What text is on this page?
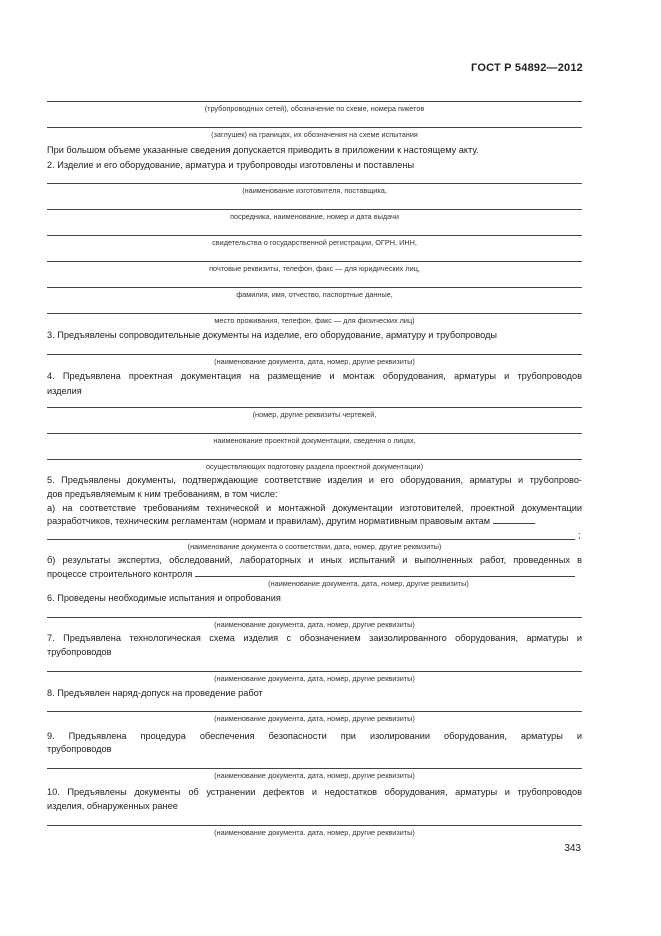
ГОСТ Р 54892—2012
(трубопроводных сетей), обозначение по схеме, номера пикетов
(заглушек) на границах, их обозначения на схеме испытания
При большом объеме указанные сведения допускается приводить в приложении к настоящему акту.
2. Изделие и его оборудование, арматура и трубопроводы изготовлены и поставлены
(наименование изготовителя, поставщика,
посредника, наименование, номер и дата выдачи
свидетельства о государственной регистрации, ОГРН, ИНН,
почтовые реквизиты, телефон, факс — для юридических лиц,
фамилия, имя, отчество, паспортные данные,
место проживания, телефон, факс — для физических лиц)
3. Предъявлены сопроводительные документы на изделие, его оборудование, арматуру и трубопроводы
(наименование документа, дата, номер, другие реквизиты)
4. Предъявлена проектная документация на размещение и монтаж оборудования, арматуры и трубопроводов
изделия
(номер, другие реквизиты чертежей,
наименование проектной документации, сведения о лицах,
осуществляющих подготовку раздела проектной документации)
5. Предъявлены документы, подтверждающие соответствие изделия и его оборудования, арматуры и трубопрово-
дов предъявляемым к ним требованиям, в том числе:
а) на соответствие требованиям технической и монтажной документации изготовителей, проектной документации
разработчиков, техническим регламентам (нормам и правилам), другим нормативным правовым актам
;
(наименование документа о соответствии, дата, номер, другие реквизиты)
б) результаты экспертиз, обследований, лабораторных и иных испытаний и выполненных работ, проведенных в
процессе строительного контроля
(наименование документа, дата, номер, другие реквизиты)
6. Проведены необходимые испытания и опробования
(наименование документа, дата, номер, другие реквизиты)
7. Предъявлена технологическая схема изделия с обозначением заизолированного оборудования, арматуры и
трубопроводов
(наименование документа, дата, номер, другие реквизиты)
8. Предъявлен наряд-допуск на проведение работ
(наименование документа, дата, номер, другие реквизиты)
9. Предъявлена процедура обеспечения безопасности при изолировании оборудования, арматуры и
трубопроводов
(наименование документа, дата, номер, другие реквизиты)
10. Предъявлены документы об устранении дефектов и недостатков оборудования, арматуры и трубопроводов
изделия, обнаруженных ранее
(наименование документа. дата, номер, другие реквизиты)
343
